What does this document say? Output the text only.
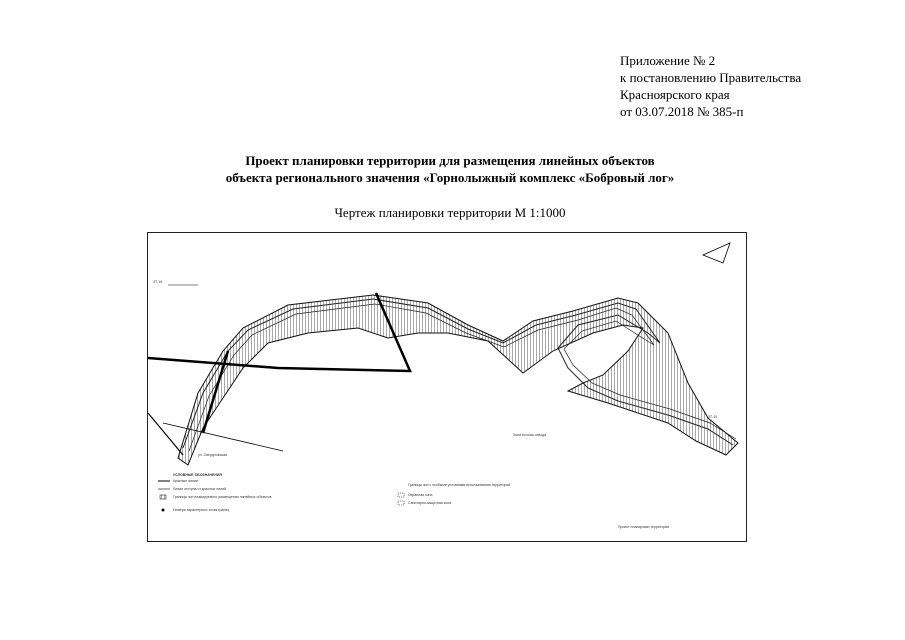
Приложение № 2
к постановлению Правительства
Красноярского края
от 03.07.2018 № 385-п
Проект планировки территории для размещения линейных объектов
объекта регионального значения «Горнолыжный комплекс «Бобровый лог»
Чертеж планировки территории М 1:1000
ЗТ-19
ул. Свердловская
Зона полосы отвода
ЗТ-19
Проект планировки территории
УСЛОВНЫЕ ОБОЗНАЧЕНИЯ
Красные линии
Линии отступа от красных линий
Границы зон планируемого размещения линейных объектов
Номера характерных точек границ
Границы зон с особыми условиями использования территорий
Охранная зона
Санитарно-защитная зона
